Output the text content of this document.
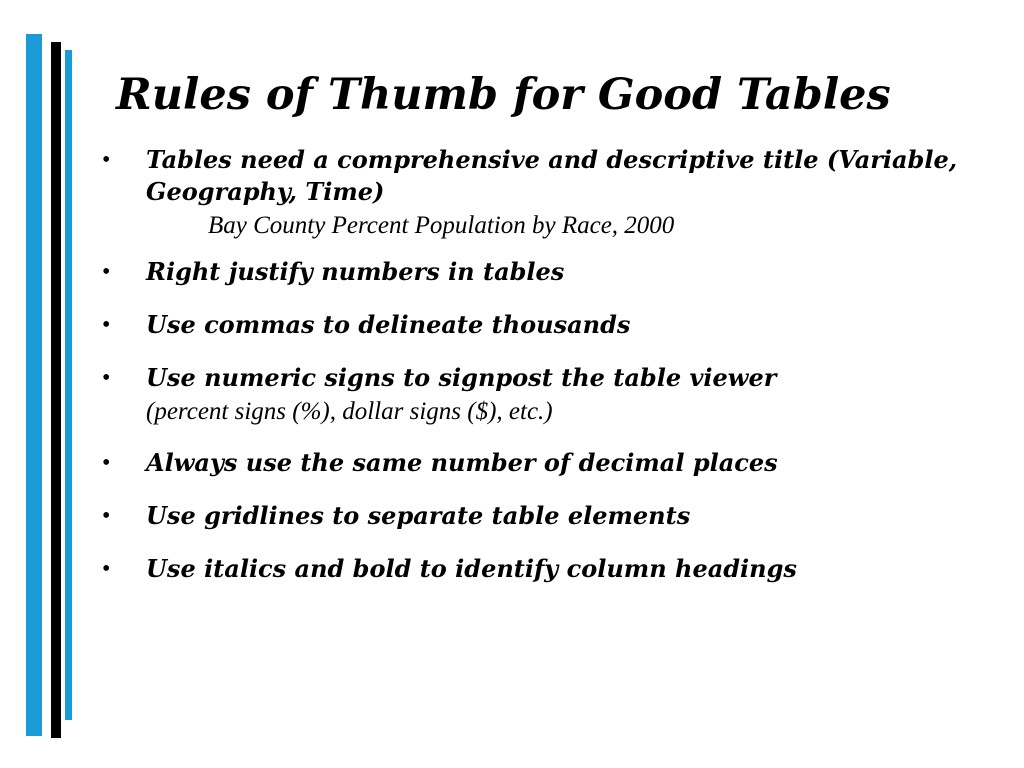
Rules of Thumb for Good Tables
• Tables need a comprehensive and descriptive title (Variable, Geography, Time)
Bay County Percent Population by Race, 2000
• Right justify numbers in tables
• Use commas to delineate thousands
• Use numeric signs to signpost the table viewer
(percent signs (%), dollar signs ($), etc.)
• Always use the same number of decimal places
• Use gridlines to separate table elements
• Use italics and bold to identify column headings
